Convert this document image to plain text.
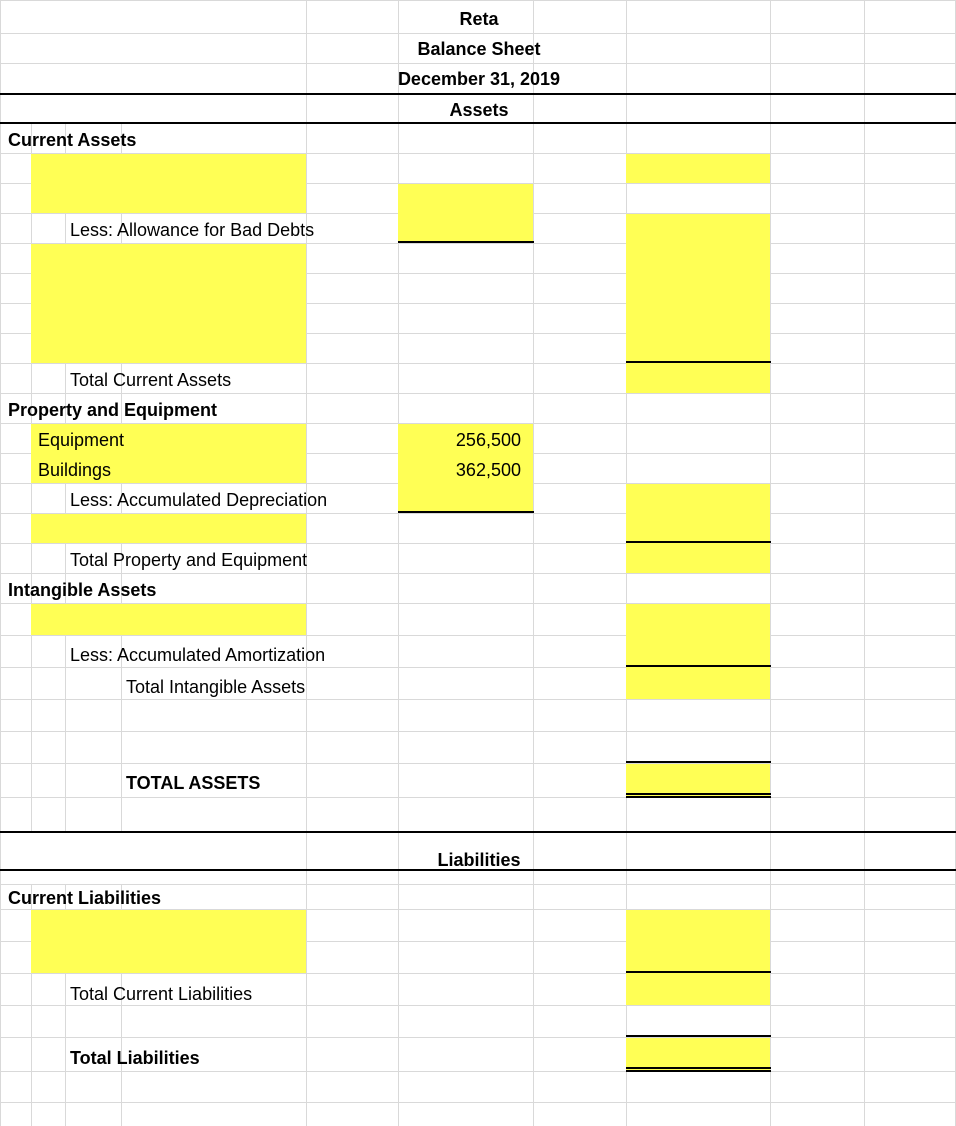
Reta
Balance Sheet
December 31, 2019
Assets
Current Assets
Less: Allowance for Bad Debts
Total Current Assets
Property and Equipment
Equipment	256,500
Buildings	362,500
Less: Accumulated Depreciation
Total Property and Equipment
Intangible Assets
Less: Accumulated Amortization
Total Intangible Assets
TOTAL ASSETS
Liabilities
Current Liabilities
Total Current Liabilities
Total Liabilities
